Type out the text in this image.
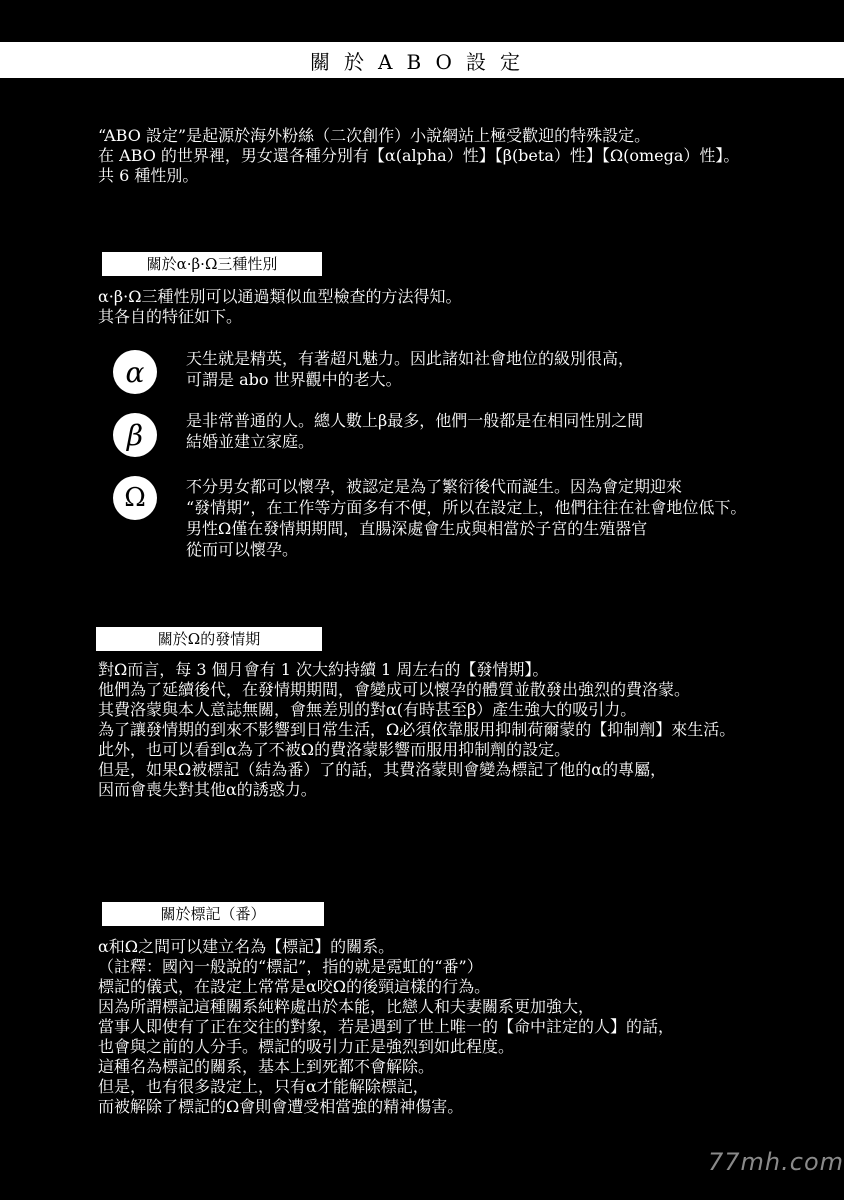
關於ABO設定
“ABO 設定”是起源於海外粉絲（二次創作）小說網站上極受歡迎的特殊設定。
在 ABO 的世界裡，男女還各種分別有【α(alpha）性】【β(beta）性】【Ω(omega）性】。
共 6 種性別。
關於α·β·Ω三種性別
α·β·Ω三種性別可以通過類似血型檢查的方法得知。
其各自的特征如下。
α	天生就是精英，有著超凡魅力。因此諸如社會地位的級別很高，
可謂是 abo 世界觀中的老大。
β	是非常普通的人。總人數上β最多，他們一般都是在相同性別之間
結婚並建立家庭。
Ω	不分男女都可以懷孕，被認定是為了繁衍後代而誕生。因為會定期迎來
“發情期”，在工作等方面多有不便，所以在設定上，他們往往在社會地位低下。
男性Ω僅在發情期期間，直腸深處會生成與相當於子宮的生殖器官
從而可以懷孕。
關於Ω的發情期
對Ω而言，每 3 個月會有 1 次大約持續 1 周左右的【發情期】。
他們為了延續後代，在發情期期間，會變成可以懷孕的體質並散發出強烈的費洛蒙。
其費洛蒙與本人意誌無關，會無差別的對α(有時甚至β）產生強大的吸引力。
為了讓發情期的到來不影響到日常生活，Ω必須依靠服用抑制荷爾蒙的【抑制劑】來生活。
此外，也可以看到α為了不被Ω的費洛蒙影響而服用抑制劑的設定。
但是，如果Ω被標記（結為番）了的話，其費洛蒙則會變為標記了他的α的專屬，
因而會喪失對其他α的誘惑力。
關於標記（番）
α和Ω之間可以建立名為【標記】的關系。
（註釋：國內一般說的“標記”，指的就是霓虹的“番”）
標記的儀式，在設定上常常是α咬Ω的後頸這樣的行為。
因為所謂標記這種關系純粹處出於本能，比戀人和夫妻關系更加強大，
當事人即使有了正在交往的對象，若是遇到了世上唯一的【命中註定的人】的話，
也會與之前的人分手。標記的吸引力正是強烈到如此程度。
這種名為標記的關系，基本上到死都不會解除。
但是，也有很多設定上，只有α才能解除標記，
而被解除了標記的Ω會則會遭受相當強的精神傷害。
77mh.com
